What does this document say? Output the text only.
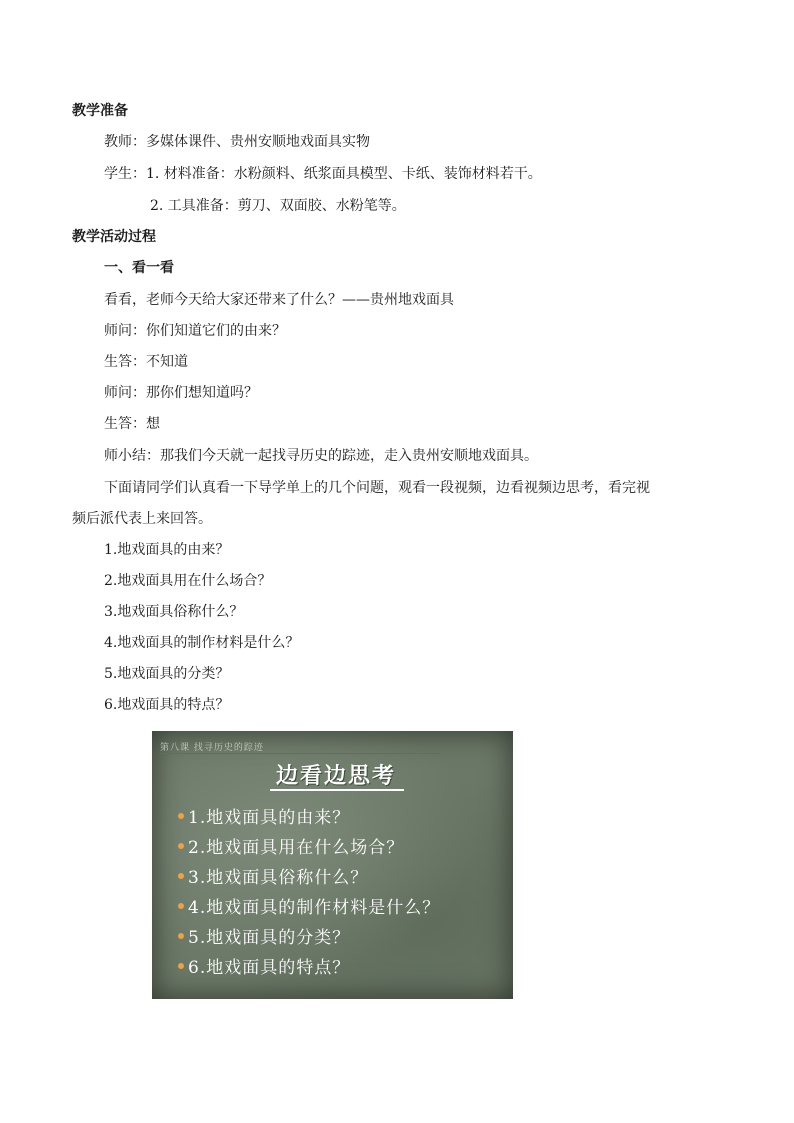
教学准备
教师：多媒体课件、贵州安顺地戏面具实物
学生：1. 材料准备：水粉颜料、纸浆面具模型、卡纸、装饰材料若干。
2. 工具准备：剪刀、双面胶、水粉笔等。
教学活动过程
一、看一看
看看，老师今天给大家还带来了什么？——贵州地戏面具
师问：你们知道它们的由来？
生答：不知道
师问：那你们想知道吗？
生答：想
师小结：那我们今天就一起找寻历史的踪迹，走入贵州安顺地戏面具。
下面请同学们认真看一下导学单上的几个问题，观看一段视频，边看视频边思考，看完视
频后派代表上来回答。
1.地戏面具的由来？
2.地戏面具用在什么场合？
3.地戏面具俗称什么？
4.地戏面具的制作材料是什么？
5.地戏面具的分类？
6.地戏面具的特点？
第八课 找寻历史的踪迹
边看边思考
1.地戏面具的由来？
2.地戏面具用在什么场合？
3.地戏面具俗称什么？
4.地戏面具的制作材料是什么？
5.地戏面具的分类？
6.地戏面具的特点？
